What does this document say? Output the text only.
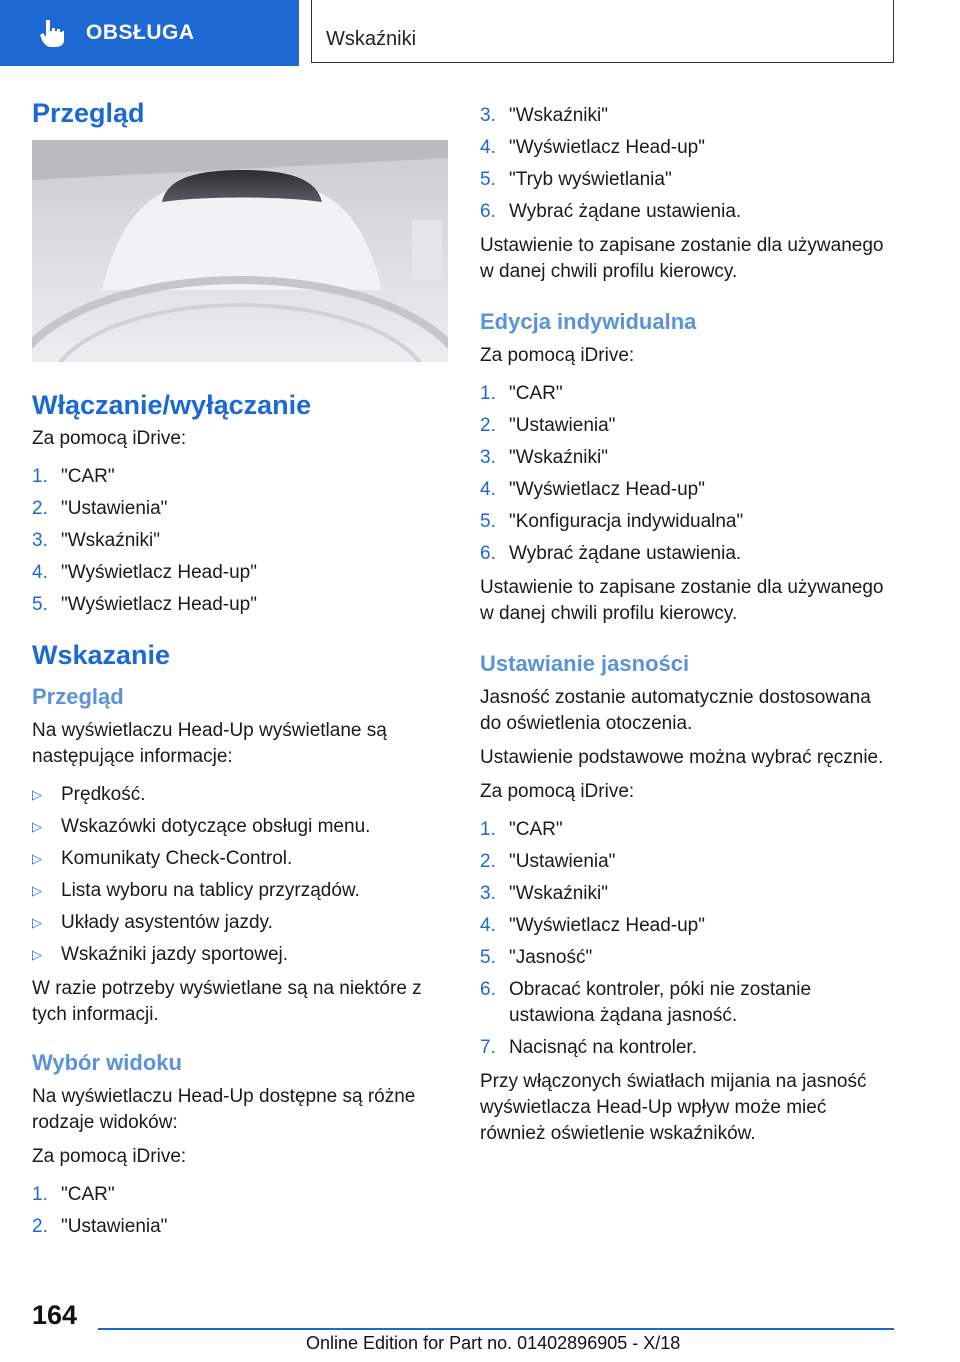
OBSŁUGA	Wskaźniki
Przegląd
Włączanie/wyłączanie

Za pomocą iDrive:

1. "CAR"
2. "Ustawienia"
3. "Wskaźniki"
4. "Wyświetlacz Head-up"
5. "Wyświetlacz Head-up"
Wskazanie
Przegląd

Na wyświetlaczu Head-Up wyświetlane są następujące informacje:

▷	Prędkość.
▷	Wskazówki dotyczące obsługi menu.
▷	Komunikaty Check-Control.
▷	Lista wyboru na tablicy przyrządów.
▷	Układy asystentów jazdy.
▷	Wskaźniki jazdy sportowej.

W razie potrzeby wyświetlane są na niektóre z tych informacji.

Wybór widoku

Na wyświetlaczu Head-Up dostępne są różne rodzaje widoków:

Za pomocą iDrive:

1. "CAR"
2. "Ustawienia"
3. "Wskaźniki"
4. "Wyświetlacz Head-up"
5. "Tryb wyświetlania"
6. Wybrać żądane ustawienia.

Ustawienie to zapisane zostanie dla używanego w danej chwili profilu kierowcy.

Edycja indywidualna

Za pomocą iDrive:

1. "CAR"
2. "Ustawienia"
3. "Wskaźniki"
4. "Wyświetlacz Head-up"
5. "Konfiguracja indywidualna"
6. Wybrać żądane ustawienia.

Ustawienie to zapisane zostanie dla używanego w danej chwili profilu kierowcy.

Ustawianie jasności

Jasność zostanie automatycznie dostosowana do oświetlenia otoczenia.

Ustawienie podstawowe można wybrać ręcznie.

Za pomocą iDrive:

1. "CAR"
2. "Ustawienia"
3. "Wskaźniki"
4. "Wyświetlacz Head-up"
5. "Jasność"
6. Obracać kontroler, póki nie zostanie ustawiona żądana jasność.
7. Nacisnąć na kontroler.

Przy włączonych światłach mijania na jasność wyświetlacza Head-Up wpływ może mieć również oświetlenie wskaźników.

164
Online Edition for Part no. 01402896905 - X/18
